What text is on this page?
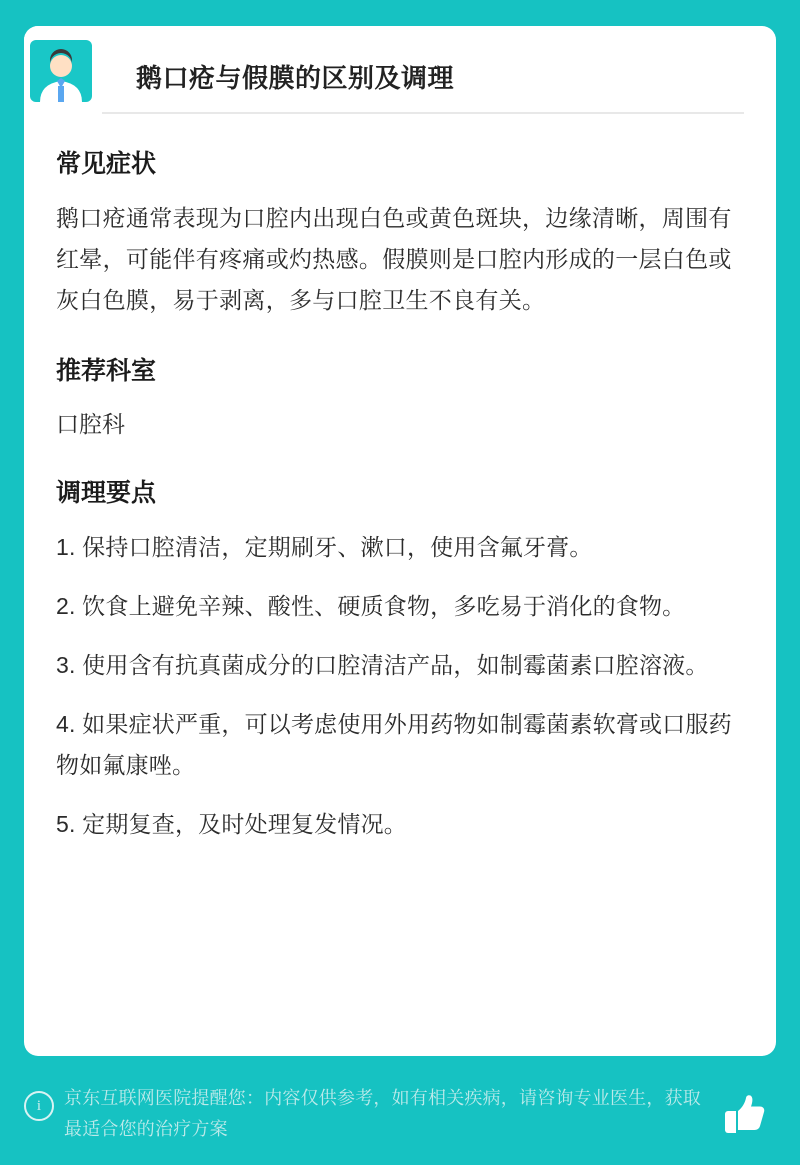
鹅口疮与假膜的区别及调理
常见症状

鹅口疮通常表现为口腔内出现白色或黄色斑块，边缘清晰，周围有红晕，可能伴有疼痛或灼热感。假膜则是口腔内形成的一层白色或灰白色膜，易于剥离，多与口腔卫生不良有关。

推荐科室

口腔科

调理要点
1. 保持口腔清洁，定期刷牙、漱口，使用含氟牙膏。
2. 饮食上避免辛辣、酸性、硬质食物，多吃易于消化的食物。
3. 使用含有抗真菌成分的口腔清洁产品，如制霉菌素口腔溶液。
4. 如果症状严重，可以考虑使用外用药物如制霉菌素软膏或口服药物如氟康唑。
5. 定期复查，及时处理复发情况。
i	京东互联网医院提醒您：内容仅供参考，如有相关疾病，请咨询专业医生，获取最适合您的治疗方案
